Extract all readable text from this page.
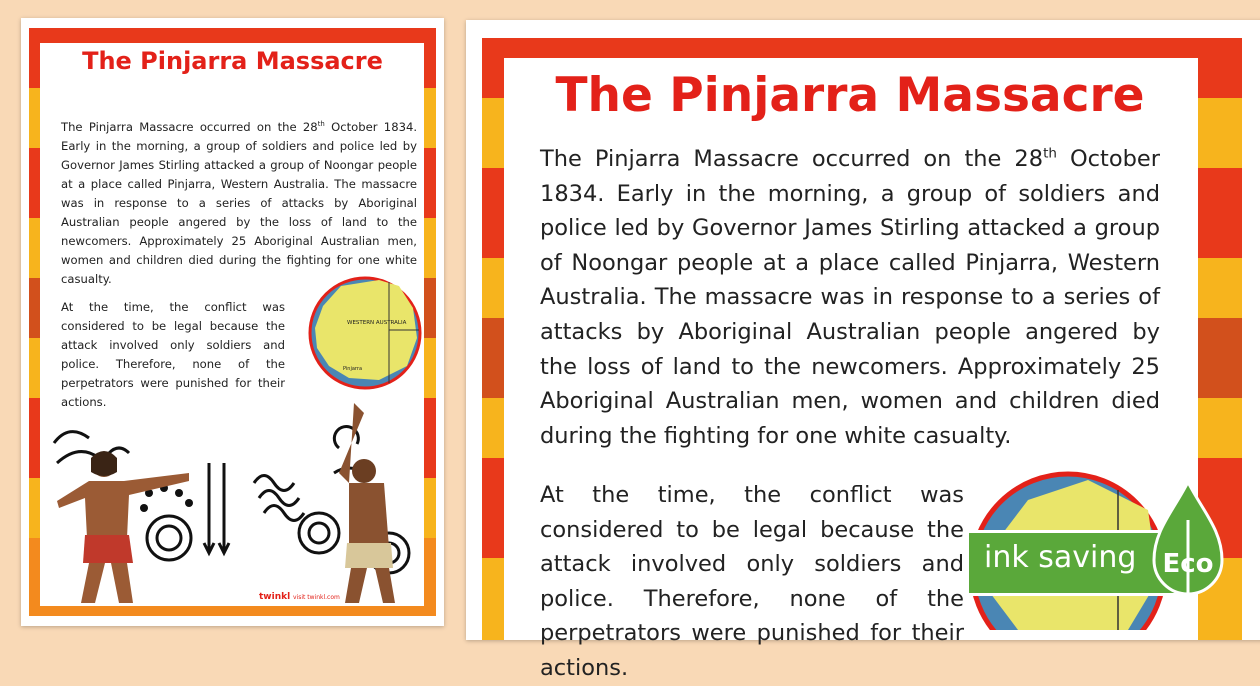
The Pinjarra Massacre
The Pinjarra Massacre occurred on the 28th October 1834. Early in the morning, a group of soldiers and police led by Governor James Stirling attacked a group of Noongar people at a place called Pinjarra, Western Australia. The massacre was in response to a series of attacks by Aboriginal Australian people angered by the loss of land to the newcomers. Approximately 25 Aboriginal Australian men, women and children died during the fighting for one white casualty.
At the time, the conflict was considered to be legal because the attack involved only soldiers and police. Therefore, none of the perpetrators were punished for their actions.
WESTERN AUSTRALIA
Pinjarra
twinkl visit twinkl.com
The Pinjarra Massacre
The Pinjarra Massacre occurred on the 28th October 1834. Early in the morning, a group of soldiers and police led by Governor James Stirling attacked a group of Noongar people at a place called Pinjarra, Western Australia. The massacre was in response to a series of attacks by Aboriginal Australian people angered by the loss of land to the newcomers. Approximately 25 Aboriginal Australian men, women and children died during the fighting for one white casualty.
At the time, the conflict was considered to be legal because the attack involved only soldiers and police. Therefore, none of the perpetrators were punished for their actions.
ink saving Eco
